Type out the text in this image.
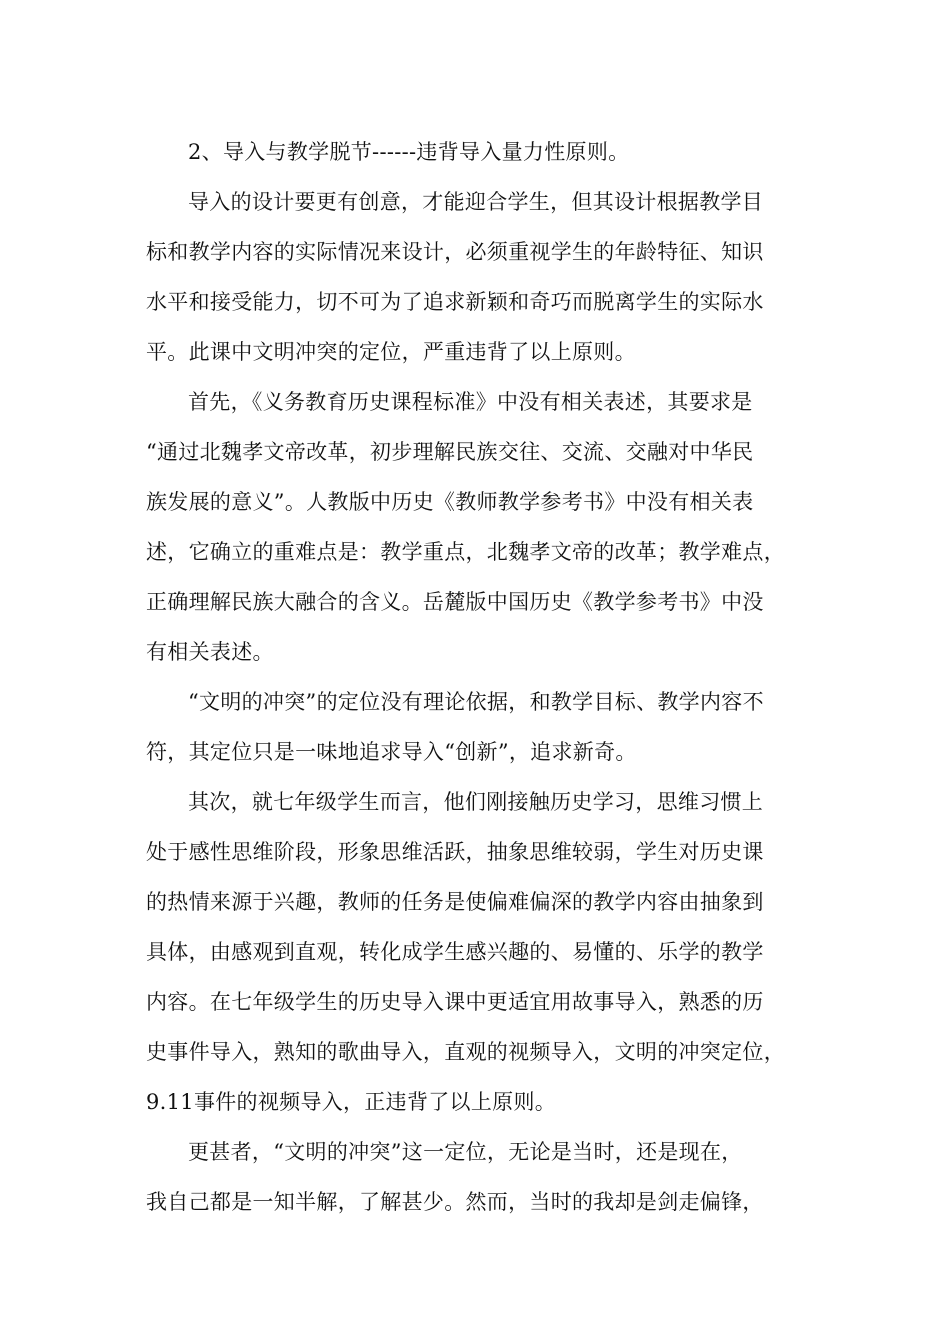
2、导入与教学脱节------违背导入量力性原则。
导入的设计要更有创意，才能迎合学生，但其设计根据教学目
标和教学内容的实际情况来设计，必须重视学生的年龄特征、知识
水平和接受能力，切不可为了追求新颖和奇巧而脱离学生的实际水
平。此课中文明冲突的定位，严重违背了以上原则。
首先，《义务教育历史课程标准》中没有相关表述，其要求是
“通过北魏孝文帝改革，初步理解民族交往、交流、交融对中华民
族发展的意义”。人教版中历史《教师教学参考书》中没有相关表
述，它确立的重难点是：教学重点，北魏孝文帝的改革；教学难点，
正确理解民族大融合的含义。岳麓版中国历史《教学参考书》中没
有相关表述。
“文明的冲突”的定位没有理论依据，和教学目标、教学内容不
符，其定位只是一味地追求导入“创新”，追求新奇。
其次，就七年级学生而言，他们刚接触历史学习，思维习惯上
处于感性思维阶段，形象思维活跃，抽象思维较弱，学生对历史课
的热情来源于兴趣，教师的任务是使偏难偏深的教学内容由抽象到
具体，由感观到直观，转化成学生感兴趣的、易懂的、乐学的教学
内容。在七年级学生的历史导入课中更适宜用故事导入，熟悉的历
史事件导入，熟知的歌曲导入，直观的视频导入，文明的冲突定位，
9.11事件的视频导入，正违背了以上原则。
更甚者，“文明的冲突”这一定位，无论是当时，还是现在，
我自己都是一知半解，了解甚少。然而，当时的我却是剑走偏锋，
